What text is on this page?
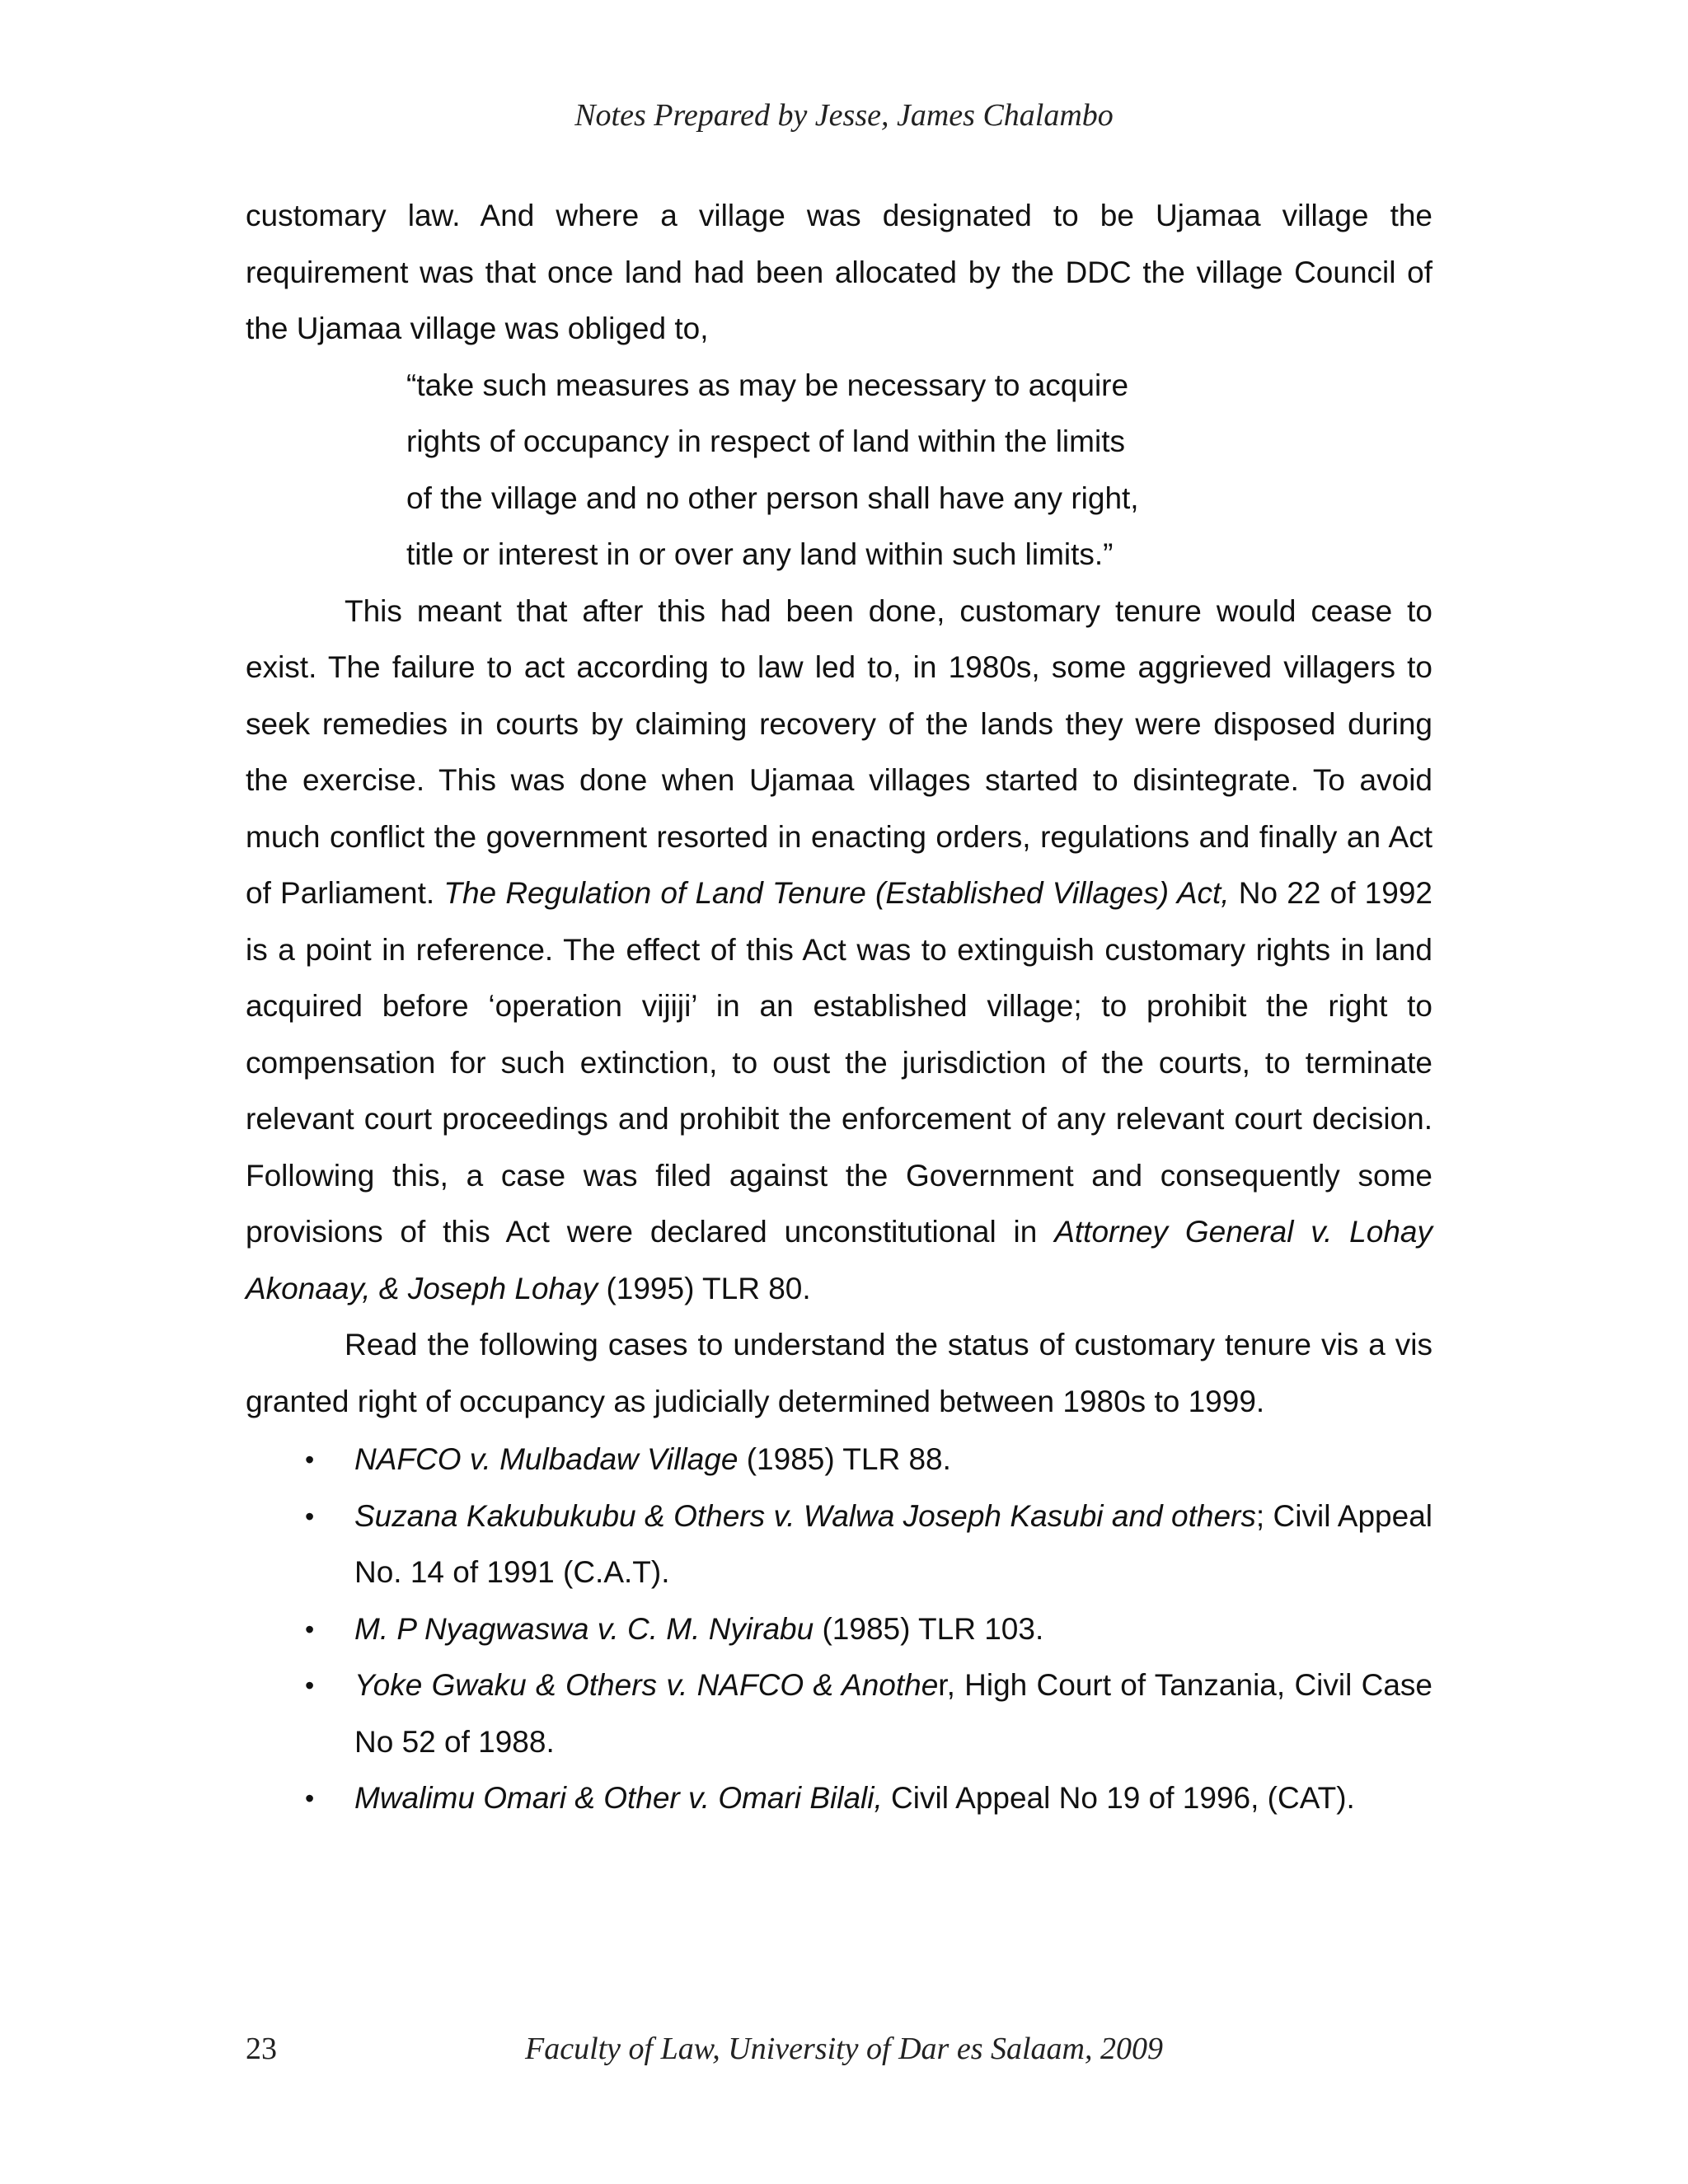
Notes Prepared by Jesse, James Chalambo

customary law. And where a village was designated to be Ujamaa village the requirement was that once land had been allocated by the DDC the village Council of the Ujamaa village was obliged to,

“take such measures as may be necessary to acquire
rights of occupancy in respect of land within the limits
of the village and no other person shall have any right,
title or interest in or over any land within such limits.”

This meant that after this had been done, customary tenure would cease to exist. The failure to act according to law led to, in 1980s, some aggrieved villagers to seek remedies in courts by claiming recovery of the lands they were disposed during the exercise. This was done when Ujamaa villages started to disintegrate. To avoid much conflict the government resorted in enacting orders, regulations and finally an Act of Parliament. The Regulation of Land Tenure (Established Villages) Act, No 22 of 1992 is a point in reference. The effect of this Act was to extinguish customary rights in land acquired before ‘operation vijiji’ in an established village; to prohibit the right to compensation for such extinction, to oust the jurisdiction of the courts, to terminate relevant court proceedings and prohibit the enforcement of any relevant court decision. Following this, a case was filed against the Government and consequently some provisions of this Act were declared unconstitutional in Attorney General v. Lohay Akonaay, & Joseph Lohay (1995) TLR 80.

Read the following cases to understand the status of customary tenure vis a vis granted right of occupancy as judicially determined between 1980s to 1999.

• NAFCO v. Mulbadaw Village (1985) TLR 88.
• Suzana Kakubukubu & Others v. Walwa Joseph Kasubi and others; Civil Appeal No. 14 of 1991 (C.A.T).
• M. P Nyagwaswa v. C. M. Nyirabu (1985) TLR 103.
• Yoke Gwaku & Others v. NAFCO & Another, High Court of Tanzania, Civil Case No 52 of 1988.
• Mwalimu Omari & Other v. Omari Bilali, Civil Appeal No 19 of 1996, (CAT).
23	Faculty of Law, University of Dar es Salaam, 2009
